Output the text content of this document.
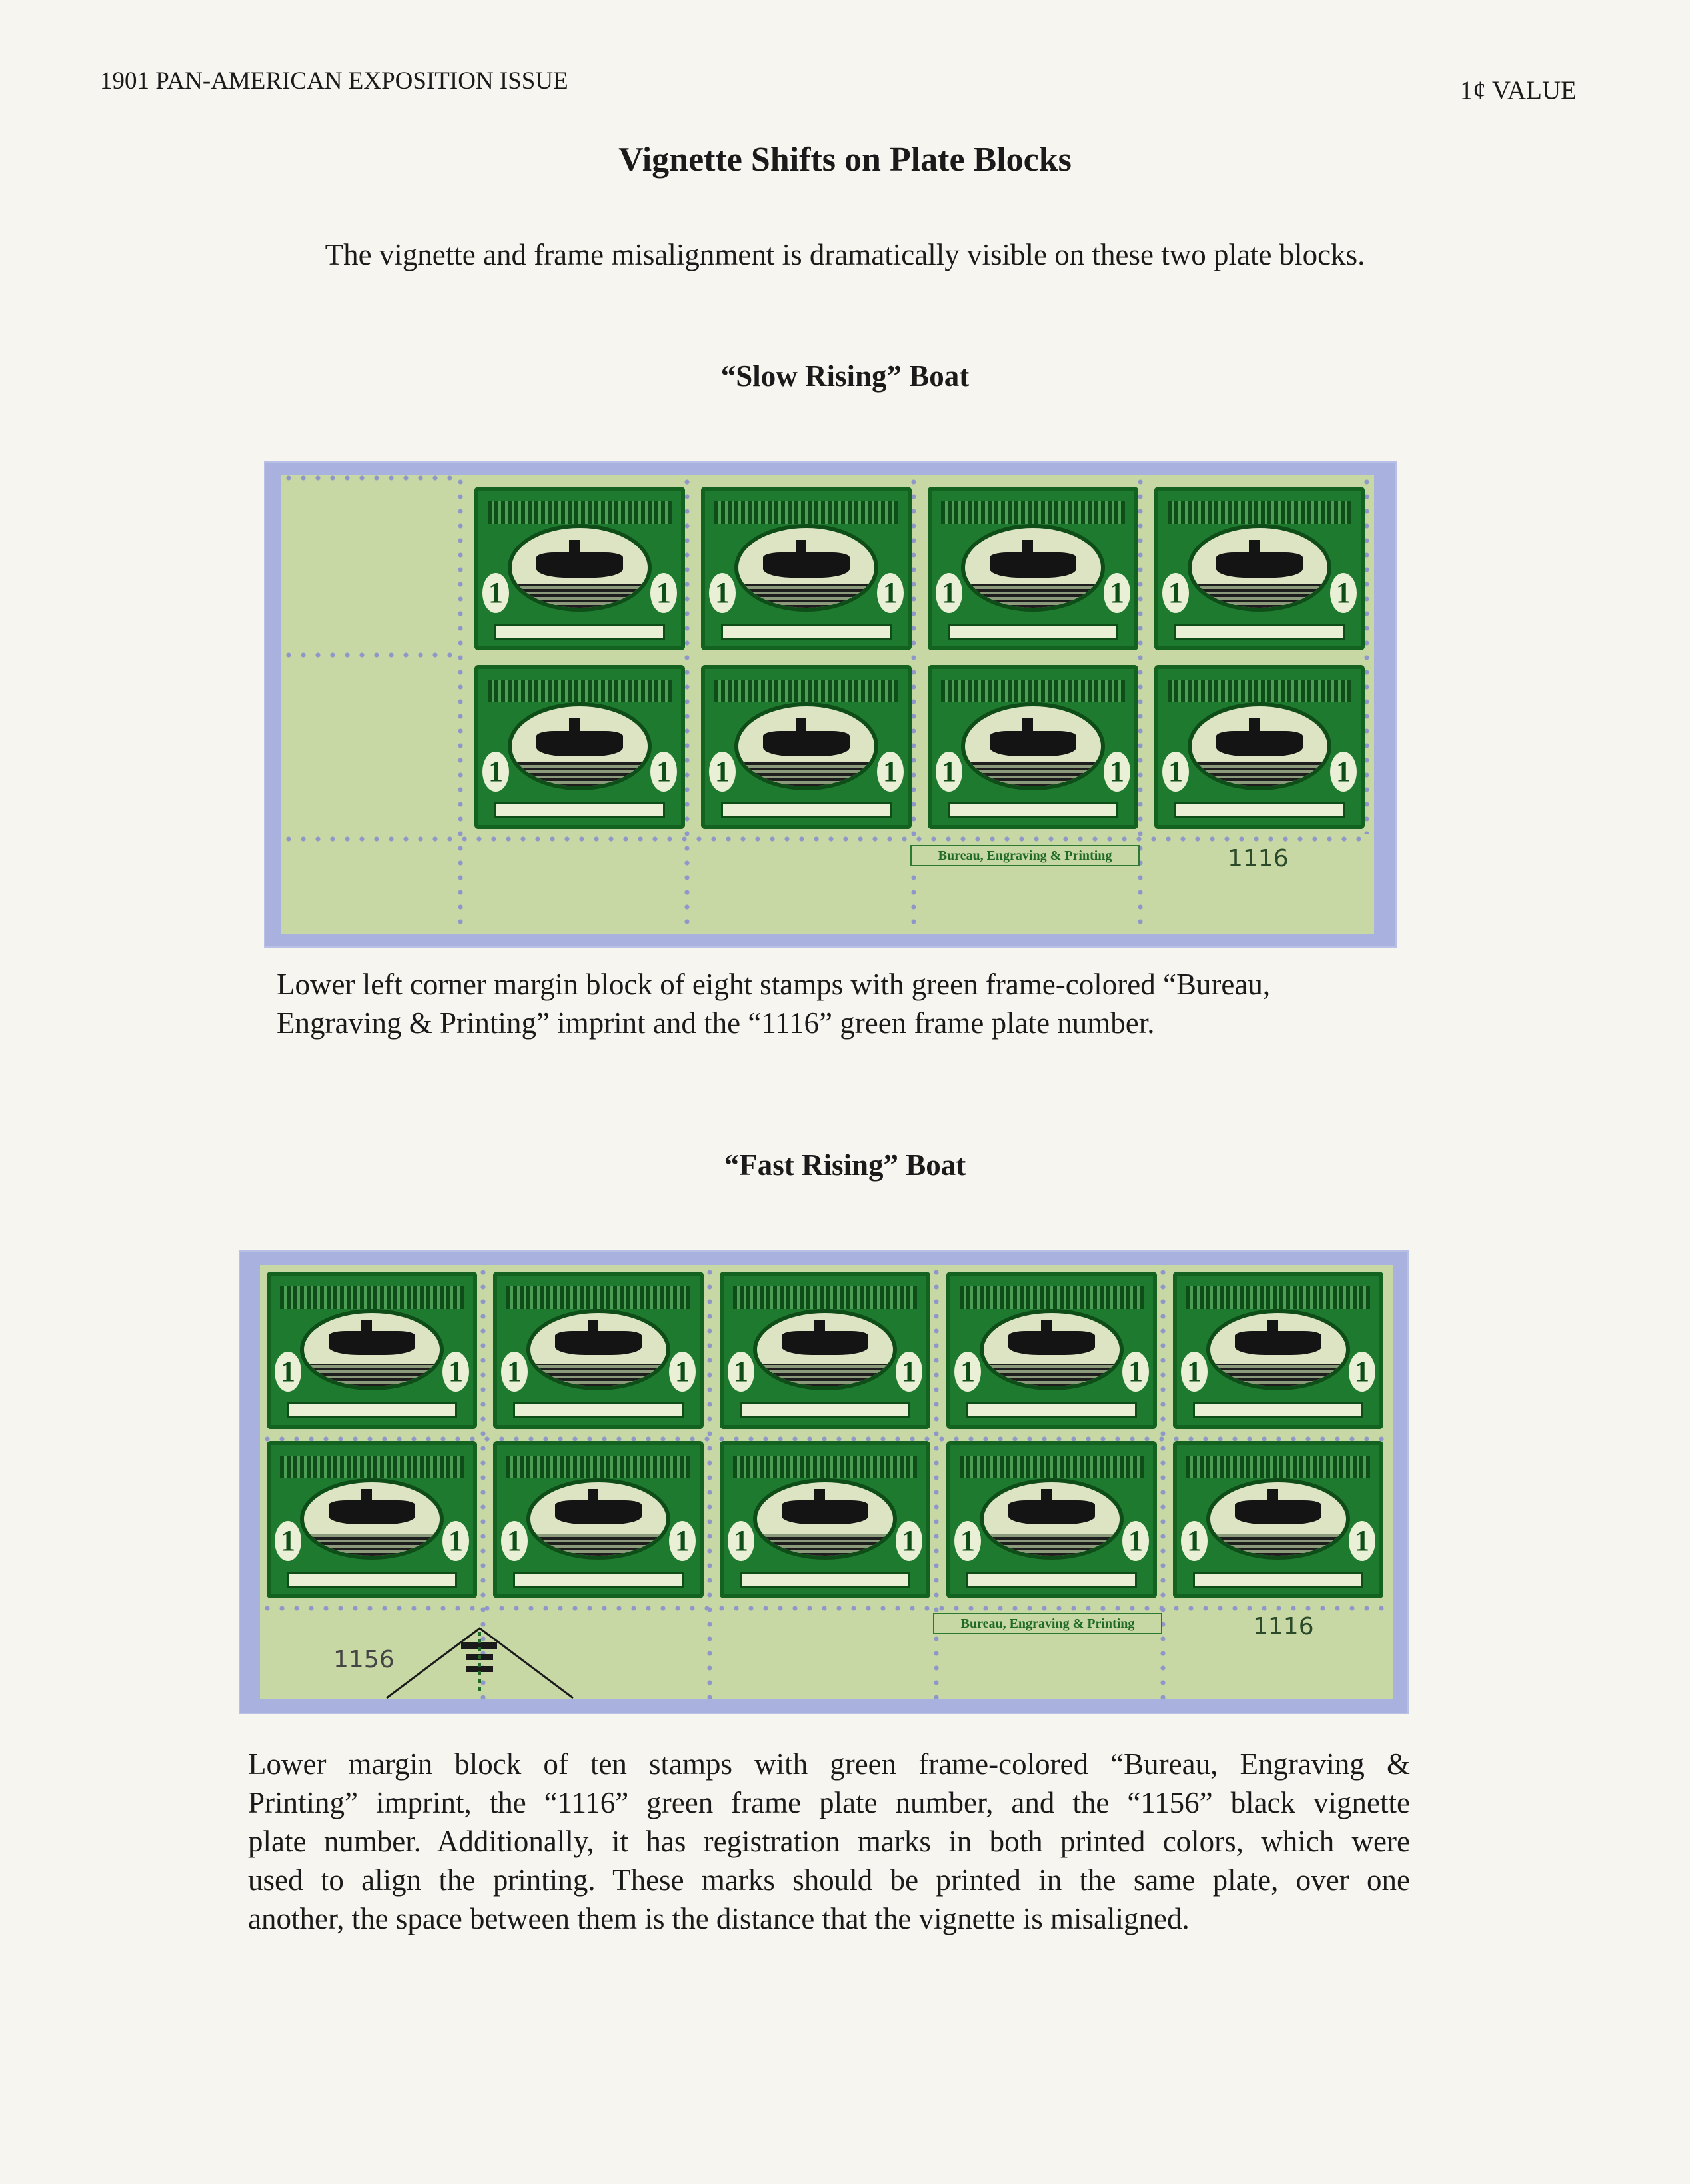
1901 PAN-AMERICAN EXPOSITION ISSUE	1¢ VALUE
Vignette Shifts on Plate Blocks
The vignette and frame misalignment is dramatically visible on these two plate blocks.
“Slow Rising” Boat
Bureau, Engraving & Printing	1116
1	1 1	1 1	1 1	1
1	1 1	1 1	1 1	1
Lower left corner margin block of eight stamps with green frame-colored “Bureau,
Engraving & Printing” imprint and the “1116” green frame plate number.
“Fast Rising” Boat
Bureau, Engraving & Printing	1116
1156
1	1 1	1 1	1 1	1 1	1
1	1 1	1 1	1 1	1 1	1
Lower margin block of ten stamps with green frame-colored “Bureau, Engraving &
Printing” imprint, the “1116” green frame plate number, and the “1156” black vignette
plate number. Additionally, it has registration marks in both printed colors, which were
used to align the printing. These marks should be printed in the same plate, over one
another, the space between them is the distance that the vignette is misaligned.
